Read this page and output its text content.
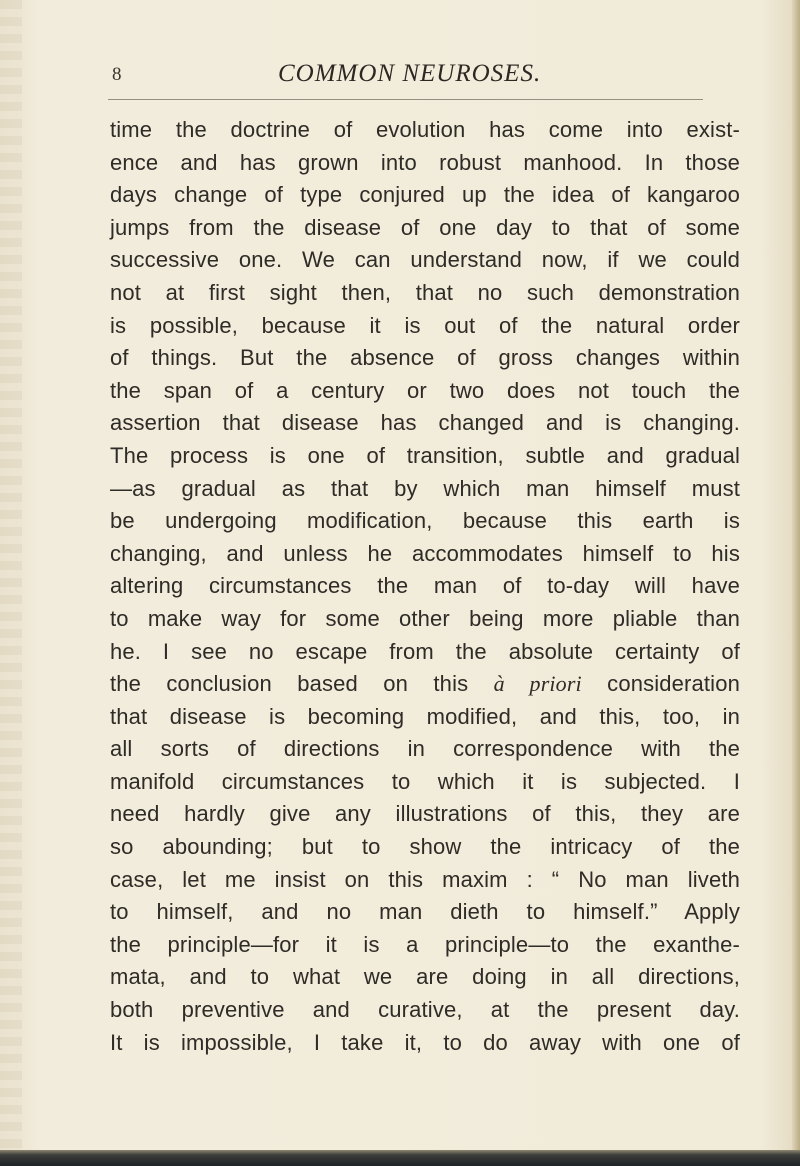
8	COMMON NEUROSES.

time the doctrine of evolution has come into exist-
ence and has grown into robust manhood. In those
days change of type conjured up the idea of kangaroo
jumps from the disease of one day to that of some
successive one. We can understand now, if we could
not at first sight then, that no such demonstration
is possible, because it is out of the natural order
of things. But the absence of gross changes within
the span of a century or two does not touch the
assertion that disease has changed and is changing.
The process is one of transition, subtle and gradual
—as gradual as that by which man himself must
be undergoing modification, because this earth is
changing, and unless he accommodates himself to his
altering circumstances the man of to-day will have
to make way for some other being more pliable than
he. I see no escape from the absolute certainty of
the conclusion based on this à priori consideration
that disease is becoming modified, and this, too, in
all sorts of directions in correspondence with the
manifold circumstances to which it is subjected. I
need hardly give any illustrations of this, they are
so abounding; but to show the intricacy of the
case, let me insist on this maxim : “ No man liveth
to himself, and no man dieth to himself.” Apply
the principle—for it is a principle—to the exanthe-
mata, and to what we are doing in all directions,
both preventive and curative, at the present day.
It is impossible, I take it, to do away with one of
